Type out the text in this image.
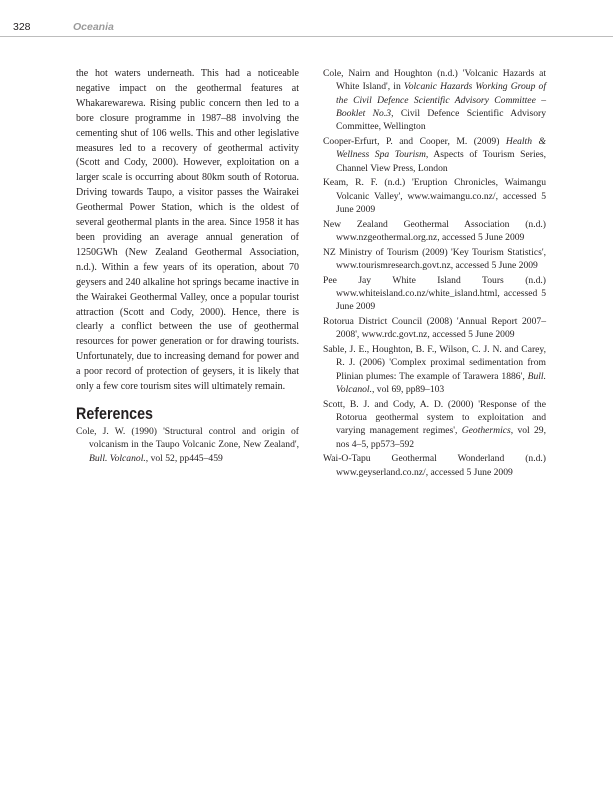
328	Oceania

the hot waters underneath. This had a noticeable negative impact on the geothermal features at Whakarewarewa. Rising public concern then led to a bore closure programme in 1987–88 involving the cementing shut of 106 wells. This and other legislative measures led to a recovery of geothermal activity (Scott and Cody, 2000). However, exploitation on a larger scale is occurring about 80km south of Rotorua. Driving towards Taupo, a visitor passes the Wairakei Geothermal Power Station, which is the oldest of several geothermal plants in the area. Since 1958 it has been providing an average annual generation of 1250GWh (New Zealand Geothermal Association, n.d.). Within a few years of its operation, about 70 geysers and 240 alkaline hot springs became inactive in the Wairakei Geothermal Valley, once a popular tourist attraction (Scott and Cody, 2000). Hence, there is clearly a conflict between the use of geothermal resources for power generation or for drawing tourists. Unfortunately, due to increasing demand for power and a poor record of protection of geysers, it is likely that only a few core tourism sites will ultimately remain.

References
Cole, J. W. (1990) 'Structural control and origin of volcanism in the Taupo Volcanic Zone, New Zealand', Bull. Volcanol., vol 52, pp445–459
Cole, Nairn and Houghton (n.d.) 'Volcanic Hazards at White Island', in Volcanic Hazards Working Group of the Civil Defence Scientific Advisory Committee – Booklet No.3, Civil Defence Scientific Advisory Committee, Wellington
Cooper-Erfurt, P. and Cooper, M. (2009) Health & Wellness Spa Tourism, Aspects of Tourism Series, Channel View Press, London
Keam, R. F. (n.d.) 'Eruption Chronicles, Waimangu Volcanic Valley', www.waimangu.co.nz/, accessed 5 June 2009
New Zealand Geothermal Association (n.d.) www.nzgeothermal.org.nz, accessed 5 June 2009
NZ Ministry of Tourism (2009) 'Key Tourism Statistics', www.tourismresearch.govt.nz, accessed 5 June 2009
Pee Jay White Island Tours (n.d.) www.whiteisland.co.nz/white_island.html, accessed 5 June 2009
Rotorua District Council (2008) 'Annual Report 2007–2008', www.rdc.govt.nz, accessed 5 June 2009
Sable, J. E., Houghton, B. F., Wilson, C. J. N. and Carey, R. J. (2006) 'Complex proximal sedimentation from Plinian plumes: The example of Tarawera 1886', Bull. Volcanol., vol 69, pp89–103
Scott, B. J. and Cody, A. D. (2000) 'Response of the Rotorua geothermal system to exploitation and varying management regimes', Geothermics, vol 29, nos 4–5, pp573–592
Wai-O-Tapu Geothermal Wonderland (n.d.) www.geyserland.co.nz/, accessed 5 June 2009
